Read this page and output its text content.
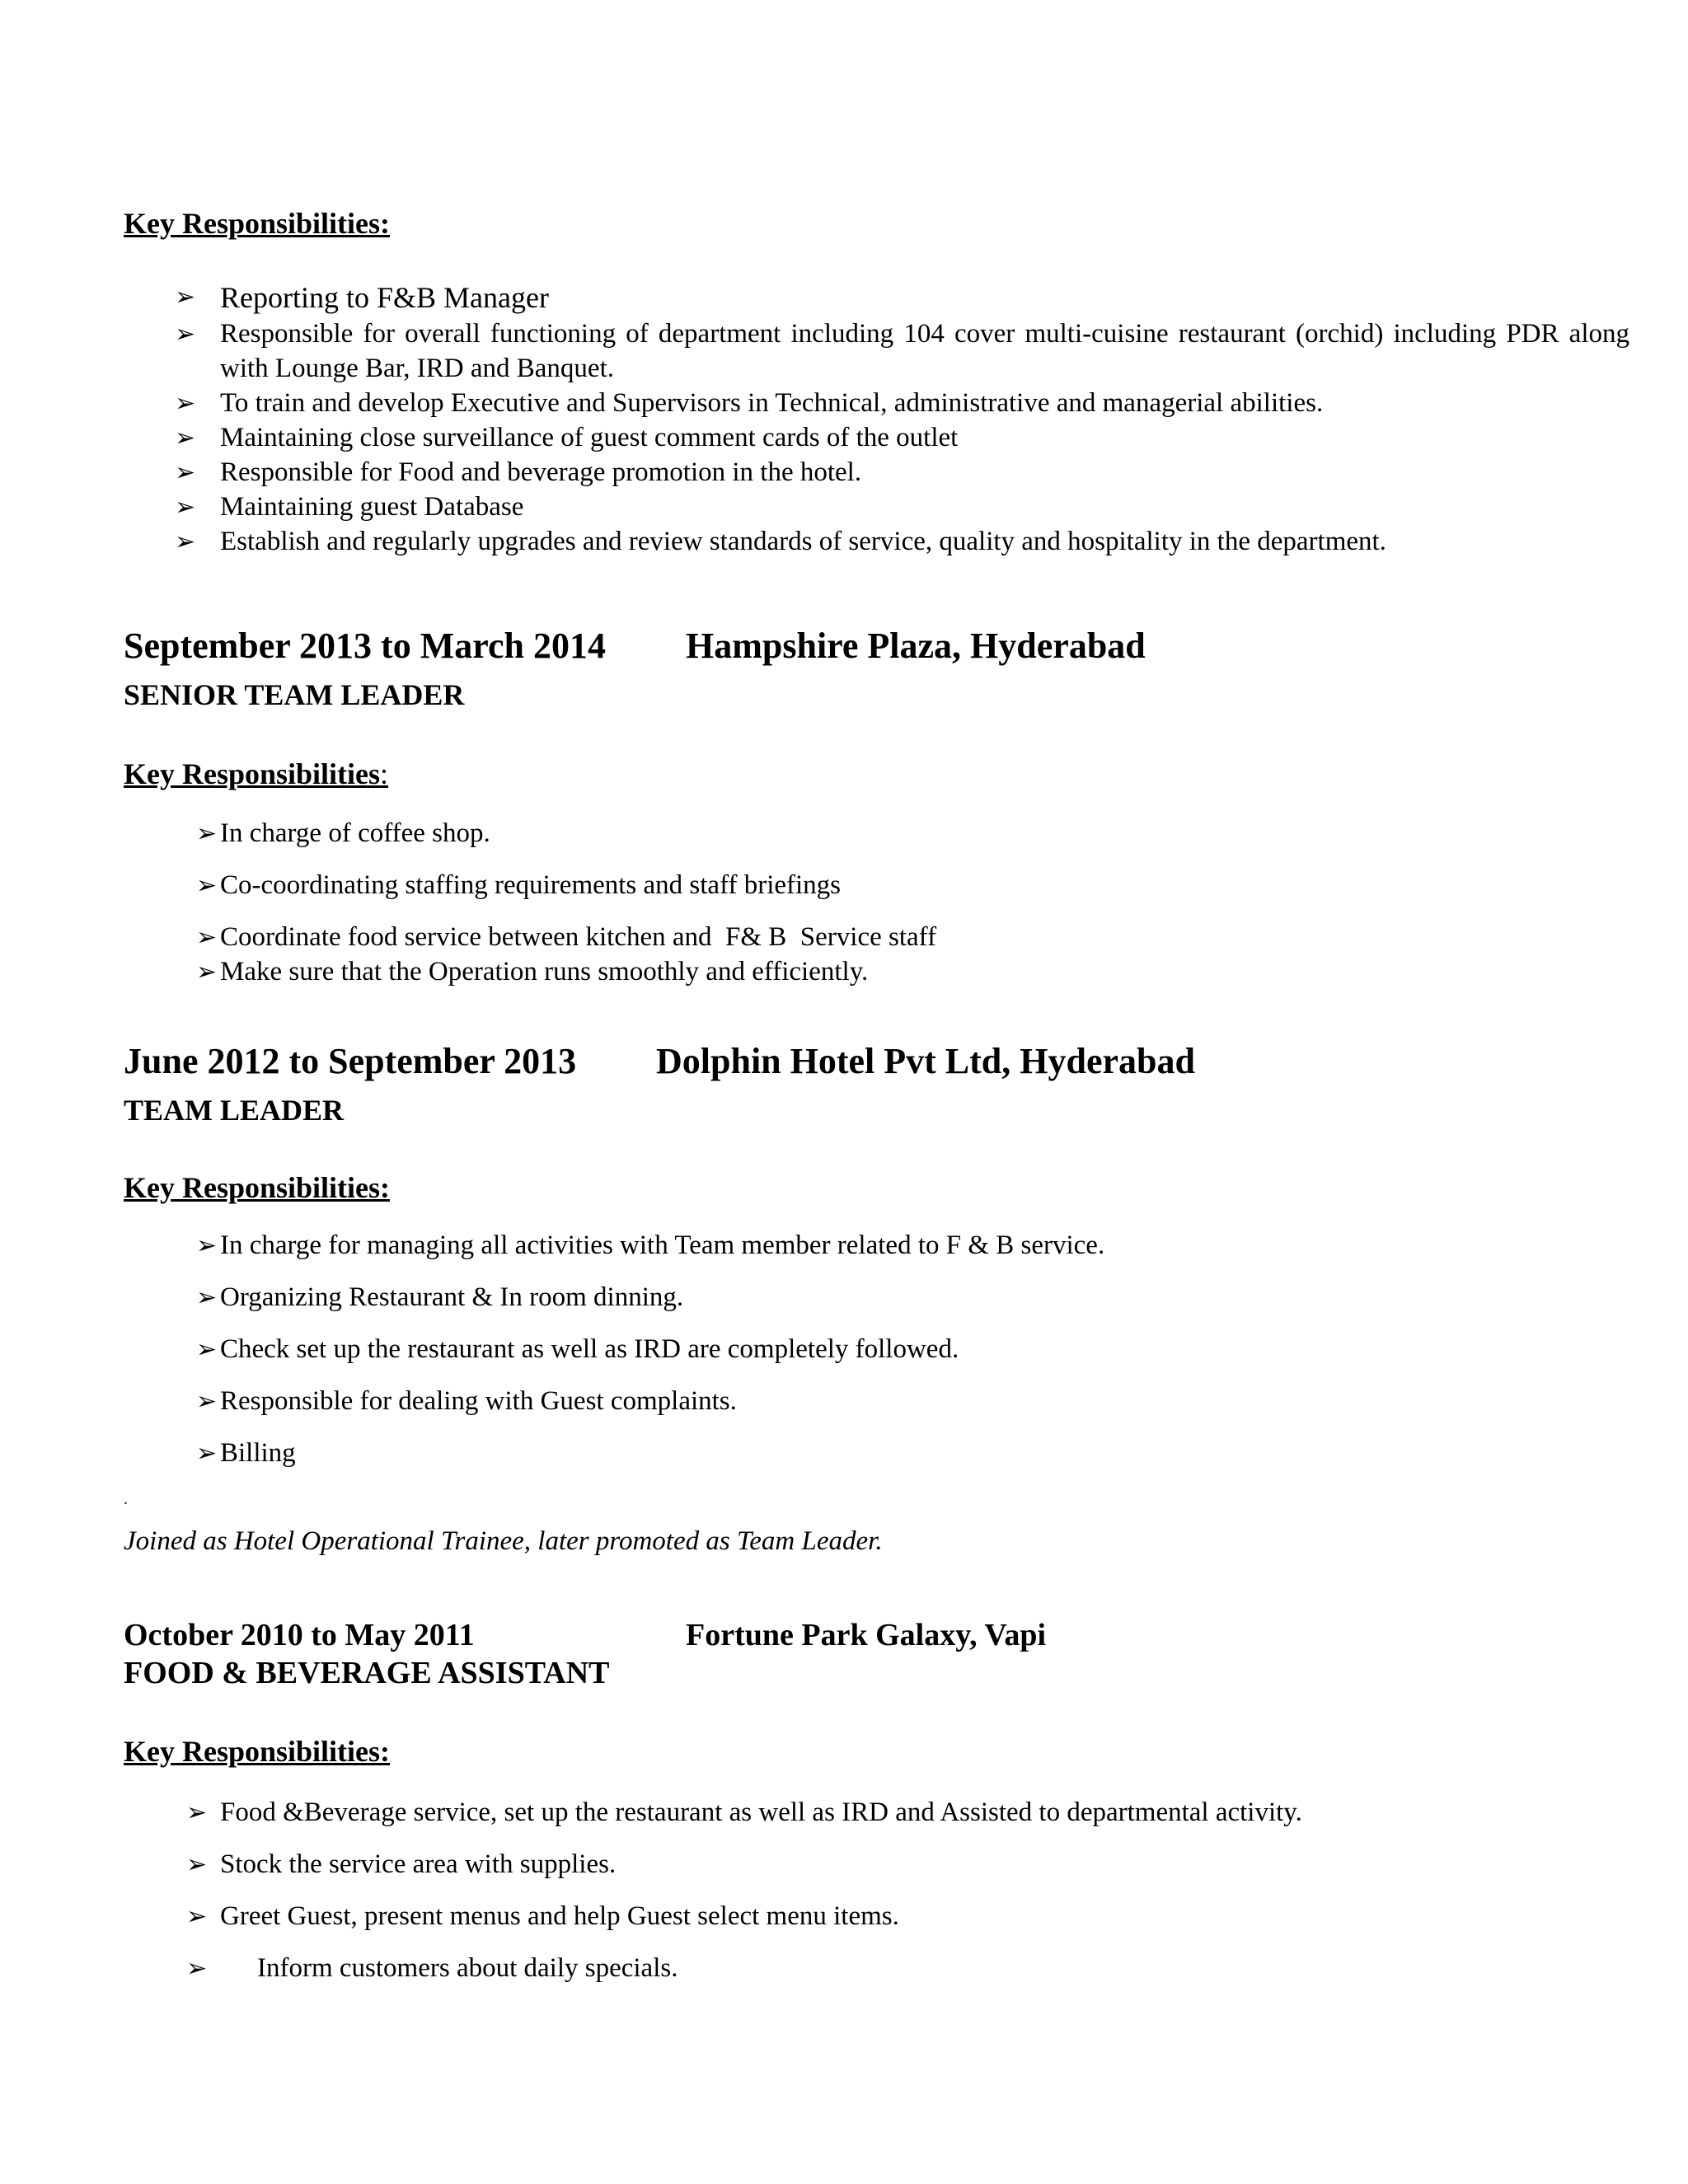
Key Responsibilities:
➢ Reporting to F&B Manager
➢ Responsible for overall functioning of department including 104 cover multi-cuisine restaurant (orchid) including PDR along with Lounge Bar, IRD and Banquet.
➢ To train and develop Executive and Supervisors in Technical, administrative and managerial abilities.
➢ Maintaining close surveillance of guest comment cards of the outlet
➢ Responsible for Food and beverage promotion in the hotel.
➢ Maintaining guest Database
➢ Establish and regularly upgrades and review standards of service, quality and hospitality in the department.
September 2013 to March 2014 Hampshire Plaza, Hyderabad
SENIOR TEAM LEADER
Key Responsibilities:
➢ In charge of coffee shop.
➢ Co-coordinating staffing requirements and staff briefings
➢ Coordinate food service between kitchen and  F& B  Service staff
➢ Make sure that the Operation runs smoothly and efficiently.
June 2012 to September 2013 Dolphin Hotel Pvt Ltd, Hyderabad
TEAM LEADER
Key Responsibilities:
➢ In charge for managing all activities with Team member related to F & B service.
➢ Organizing Restaurant & In room dinning.
➢ Check set up the restaurant as well as IRD are completely followed.
➢ Responsible for dealing with Guest complaints.
➢ Billing
.
Joined as Hotel Operational Trainee, later promoted as Team Leader.
October 2010 to May 2011	Fortune Park Galaxy, Vapi
FOOD & BEVERAGE ASSISTANT
Key Responsibilities:
➢ Food &Beverage service, set up the restaurant as well as IRD and Assisted to departmental activity.
➢ Stock the service area with supplies.
➢ Greet Guest, present menus and help Guest select menu items.
➢ Inform customers about daily specials.
